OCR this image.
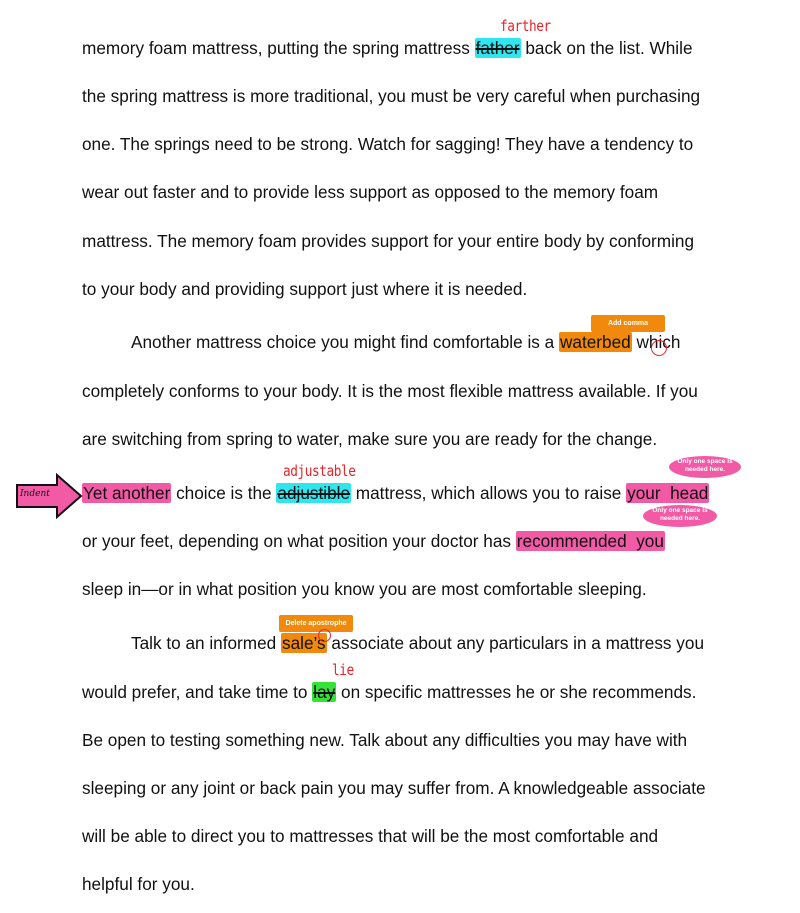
memory foam mattress, putting the spring mattress father back on the list. While
the spring mattress is more traditional, you must be very careful when purchasing
one. The springs need to be strong. Watch for sagging! They have a tendency to
wear out faster and to provide less support as opposed to the memory foam
mattress. The memory foam provides support for your entire body by conforming
to your body and providing support just where it is needed.
Another mattress choice you might find comfortable is a waterbed which
completely conforms to your body. It is the most flexible mattress available. If you
are switching from spring to water, make sure you are ready for the change.
Yet another choice is the adjustible mattress, which allows you to raise your  head
or your feet, depending on what position your doctor has recommended  you
sleep in—or in what position you know you are most comfortable sleeping.
Talk to an informed sale’s associate about any particulars in a mattress you
would prefer, and take time to lay on specific mattresses he or she recommends.
Be open to testing something new. Talk about any difficulties you may have with
sleeping or any joint or back pain you may suffer from. A knowledgeable associate
will be able to direct you to mattresses that will be the most comfortable and
helpful for you.
farther
adjustable
lie
Add comma
Delete apostrophe
Only one space is needed here.
Only one space is needed here.
Indent
